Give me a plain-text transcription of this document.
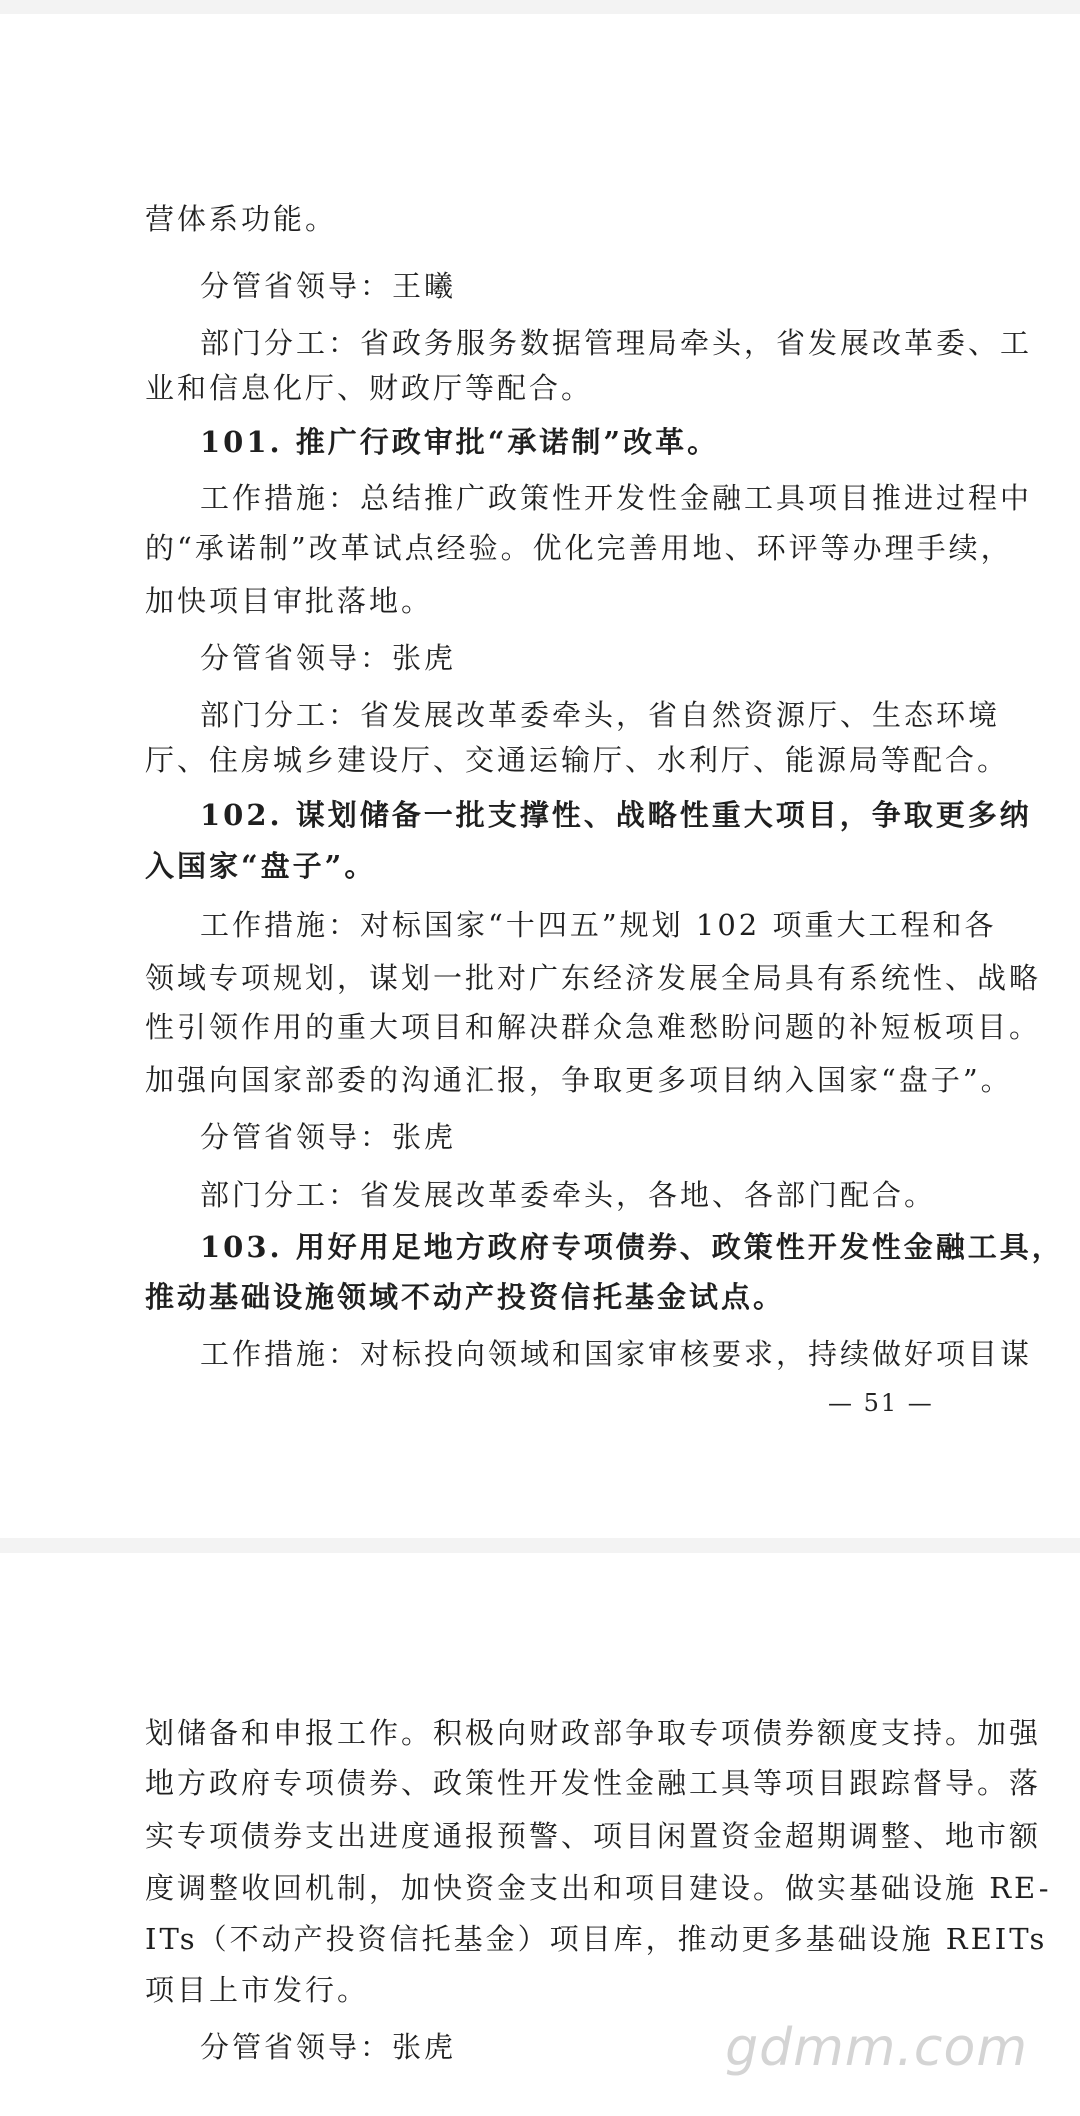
营体系功能。
分管省领导：王曦
部门分工：省政务服务数据管理局牵头，省发展改革委、工
业和信息化厅、财政厅等配合。
101. 推广行政审批“承诺制”改革。
工作措施：总结推广政策性开发性金融工具项目推进过程中
的“承诺制”改革试点经验。优化完善用地、环评等办理手续，
加快项目审批落地。
分管省领导：张虎
部门分工：省发展改革委牵头，省自然资源厅、生态环境
厅、住房城乡建设厅、交通运输厅、水利厅、能源局等配合。
102. 谋划储备一批支撑性、战略性重大项目，争取更多纳
入国家“盘子”。
工作措施：对标国家“十四五”规划 102 项重大工程和各
领域专项规划，谋划一批对广东经济发展全局具有系统性、战略
性引领作用的重大项目和解决群众急难愁盼问题的补短板项目。
加强向国家部委的沟通汇报，争取更多项目纳入国家“盘子”。
分管省领导：张虎
部门分工：省发展改革委牵头，各地、各部门配合。
103. 用好用足地方政府专项债券、政策性开发性金融工具，
推动基础设施领域不动产投资信托基金试点。
工作措施：对标投向领域和国家审核要求，持续做好项目谋
— 51 —
划储备和申报工作。积极向财政部争取专项债券额度支持。加强
地方政府专项债券、政策性开发性金融工具等项目跟踪督导。落
实专项债券支出进度通报预警、项目闲置资金超期调整、地市额
度调整收回机制，加快资金支出和项目建设。做实基础设施 RE-
ITs（不动产投资信托基金）项目库，推动更多基础设施 REITs
项目上市发行。
分管省领导：张虎	gdmm.com
